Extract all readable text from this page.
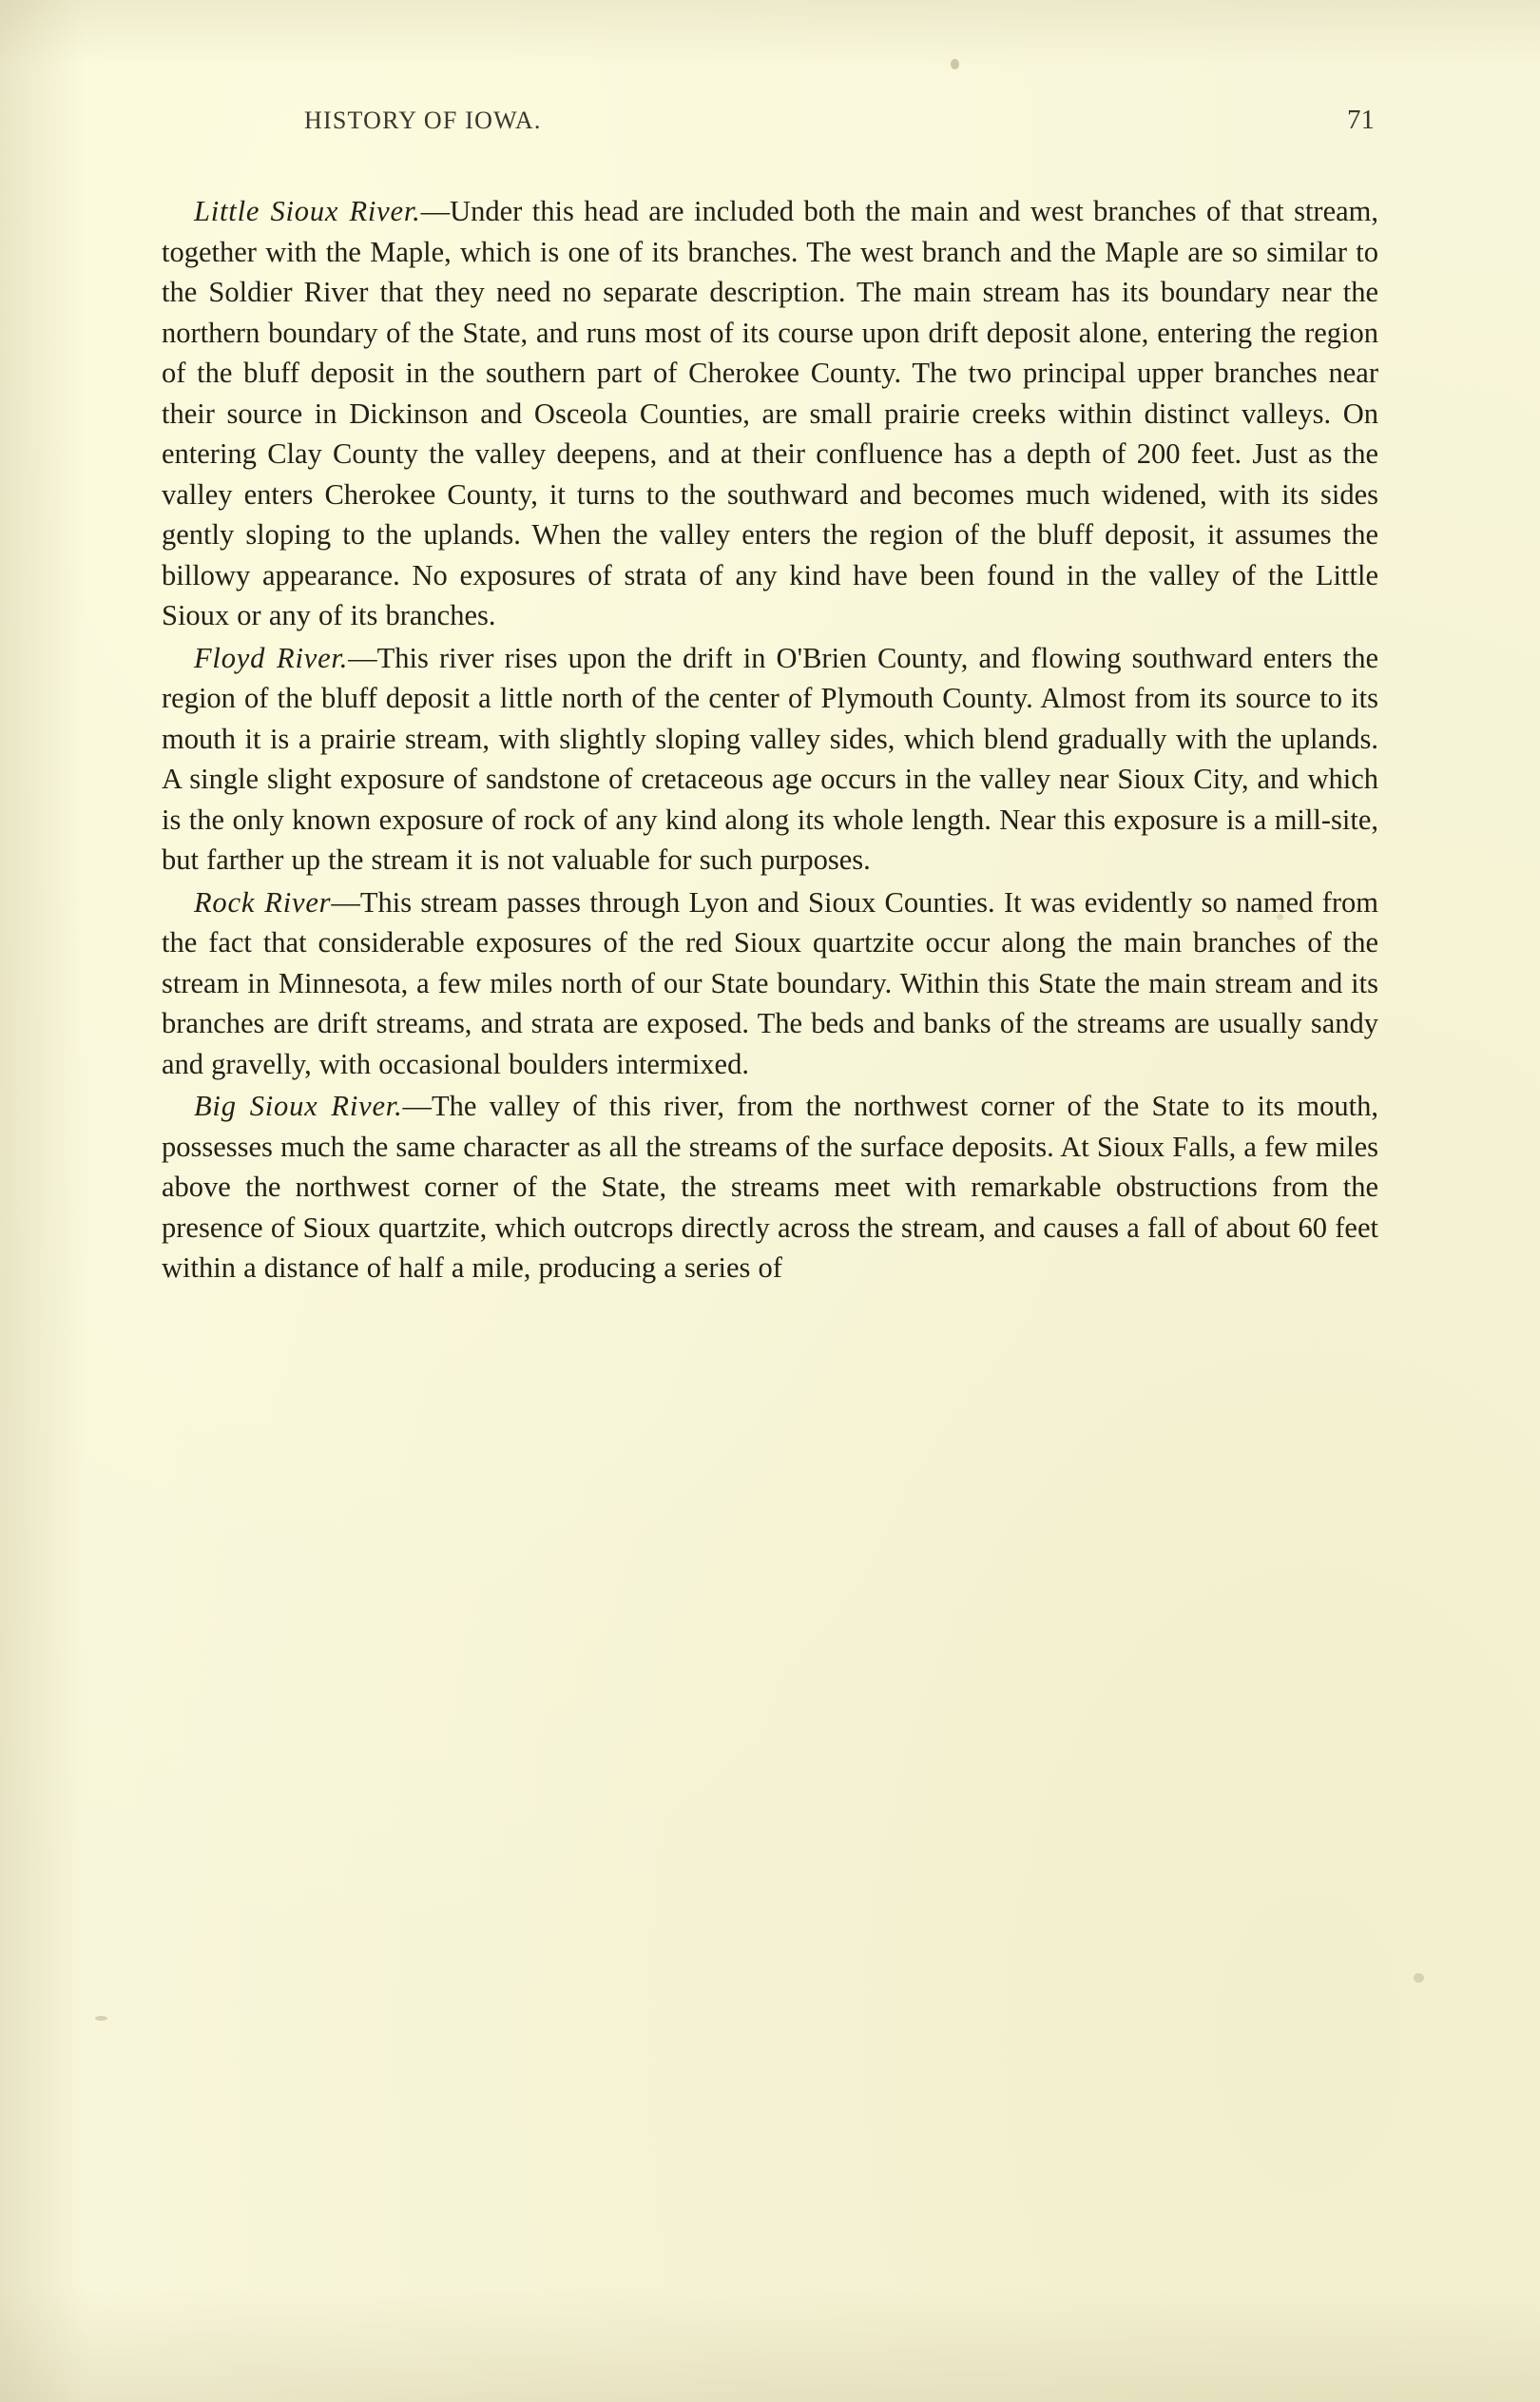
HISTORY OF IOWA.	71

Little Sioux River.—Under this head are included both the main and west branches of that stream, together with the Maple, which is one of its branches. The west branch and the Maple are so similar to the Soldier River that they need no separate description. The main stream has its boundary near the northern boundary of the State, and runs most of its course upon drift deposit alone, entering the region of the bluff deposit in the southern part of Cherokee County. The two principal upper branches near their source in Dickinson and Osceola Counties, are small prairie creeks within distinct valleys. On entering Clay County the valley deepens, and at their confluence has a depth of 200 feet. Just as the valley enters Cherokee County, it turns to the southward and becomes much widened, with its sides gently sloping to the uplands. When the valley enters the region of the bluff deposit, it assumes the billowy appearance. No exposures of strata of any kind have been found in the valley of the Little Sioux or any of its branches.

Floyd River.—This river rises upon the drift in O'Brien County, and flowing southward enters the region of the bluff deposit a little north of the center of Plymouth County. Almost from its source to its mouth it is a prairie stream, with slightly sloping valley sides, which blend gradually with the uplands. A single slight exposure of sandstone of cretaceous age occurs in the valley near Sioux City, and which is the only known exposure of rock of any kind along its whole length. Near this exposure is a mill-site, but farther up the stream it is not valuable for such purposes.

Rock River—This stream passes through Lyon and Sioux Counties. It was evidently so named from the fact that considerable exposures of the red Sioux quartzite occur along the main branches of the stream in Minnesota, a few miles north of our State boundary. Within this State the main stream and its branches are drift streams, and strata are exposed. The beds and banks of the streams are usually sandy and gravelly, with occasional boulders intermixed.

Big Sioux River.—The valley of this river, from the northwest corner of the State to its mouth, possesses much the same character as all the streams of the surface deposits. At Sioux Falls, a few miles above the northwest corner of the State, the streams meet with remarkable obstructions from the presence of Sioux quartzite, which outcrops directly across the stream, and causes a fall of about 60 feet within a distance of half a mile, producing a series of
